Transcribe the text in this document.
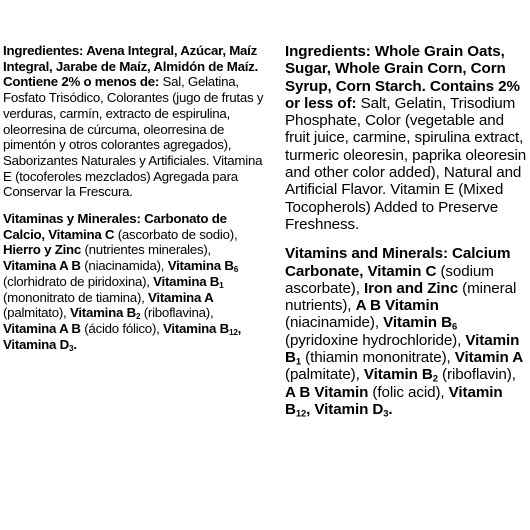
Ingredientes: Avena Integral, Azúcar, Maíz Integral, Jarabe de Maíz, Almidón de Maíz. Contiene 2% o menos de: Sal, Gelatina, Fosfato Trisódico, Colorantes (jugo de frutas y verduras, carmín, extracto de espirulina, oleorresina de cúrcuma, oleorresina de pimentón y otros colorantes agregados), Saborizantes Naturales y Artificiales. Vitamina E (tocoferoles mezclados) Agregada para Conservar la Frescura.

Vitaminas y Minerales: Carbonato de Calcio, Vitamina C (ascorbato de sodio), Hierro y Zinc (nutrientes minerales), Vitamina A B (niacinamida), Vitamina $B_6$ (clorhidrato de piridoxina), Vitamina $B_1$ (mononitrato de tiamina), Vitamina A (palmitato), Vitamina $B_2$ (riboflavina), Vitamina A B (ácido fólico), Vitamina $B_{12}$, Vitamina $D_3$.

Ingredients: Whole Grain Oats, Sugar, Whole Grain Corn, Corn Syrup, Corn Starch. Contains 2% or less of: Salt, Gelatin, Trisodium Phosphate, Color (vegetable and fruit juice, carmine, spirulina extract, turmeric oleoresin, paprika oleoresin and other color added), Natural and Artificial Flavor. Vitamin E (Mixed Tocopherols) Added to Preserve Freshness.

Vitamins and Minerals: Calcium Carbonate, Vitamin C (sodium ascorbate), Iron and Zinc (mineral nutrients), A B Vitamin (niacinamide), Vitamin $B_6$ (pyridoxine hydrochloride), Vitamin $B_1$ (thiamin mononitrate), Vitamin A (palmitate), Vitamin $B_2$ (riboflavin), A B Vitamin (folic acid), Vitamin $B_{12}$, Vitamin $D_3$.
